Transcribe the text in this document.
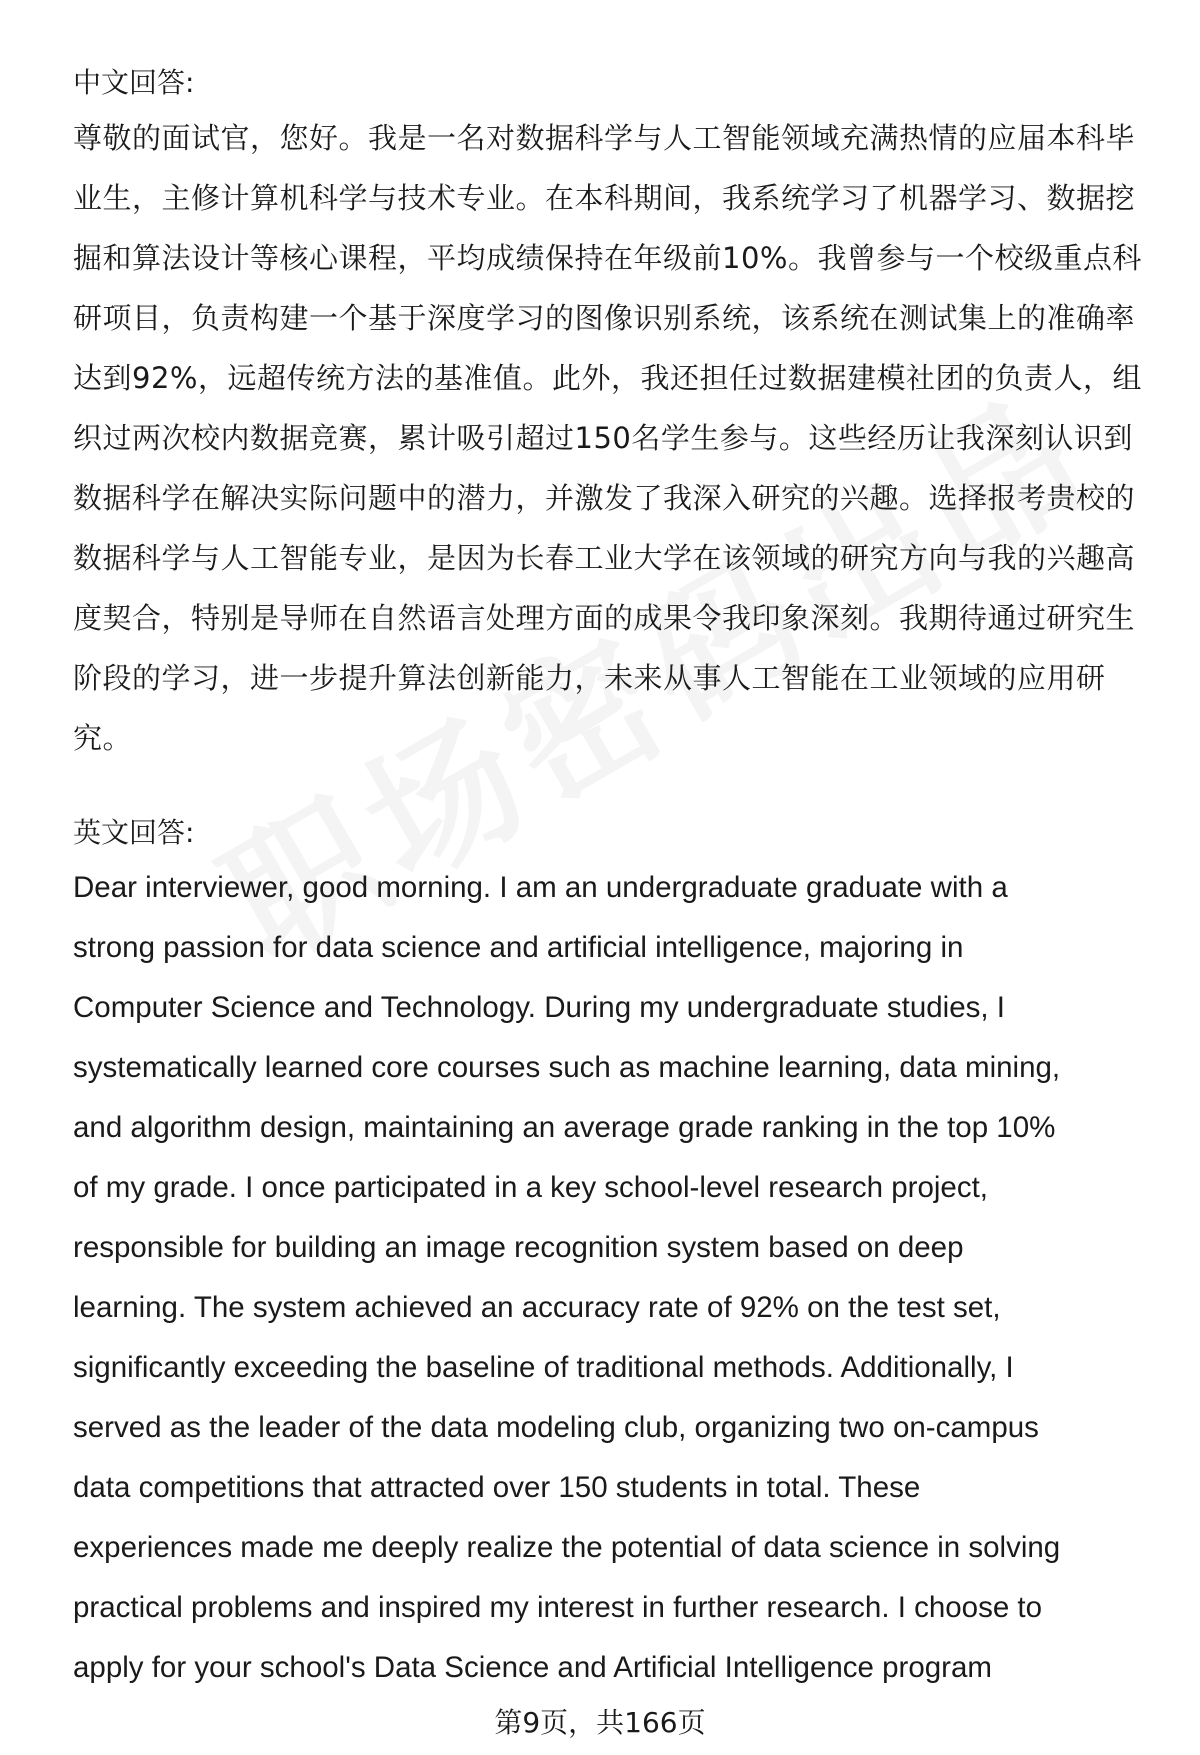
中文回答:
尊敬的面试官，您好。我是一名对数据科学与人工智能领域充满热情的应届本科毕
业生，主修计算机科学与技术专业。在本科期间，我系统学习了机器学习、数据挖
掘和算法设计等核心课程，平均成绩保持在年级前10%。我曾参与一个校级重点科
研项目，负责构建一个基于深度学习的图像识别系统，该系统在测试集上的准确率
达到92%，远超传统方法的基准值。此外，我还担任过数据建模社团的负责人，组
织过两次校内数据竞赛，累计吸引超过150名学生参与。这些经历让我深刻认识到
数据科学在解决实际问题中的潜力，并激发了我深入研究的兴趣。选择报考贵校的
数据科学与人工智能专业，是因为长春工业大学在该领域的研究方向与我的兴趣高
度契合，特别是导师在自然语言处理方面的成果令我印象深刻。我期待通过研究生
阶段的学习，进一步提升算法创新能力，未来从事人工智能在工业领域的应用研
究。
英文回答:
Dear interviewer, good morning. I am an undergraduate graduate with a
strong passion for data science and artificial intelligence, majoring in
Computer Science and Technology. During my undergraduate studies, I
systematically learned core courses such as machine learning, data mining,
and algorithm design, maintaining an average grade ranking in the top 10%
of my grade. I once participated in a key school-level research project,
responsible for building an image recognition system based on deep
learning. The system achieved an accuracy rate of 92% on the test set,
significantly exceeding the baseline of traditional methods. Additionally, I
served as the leader of the data modeling club, organizing two on-campus
data competitions that attracted over 150 students in total. These
experiences made me deeply realize the potential of data science in solving
practical problems and inspired my interest in further research. I choose to
apply for your school's Data Science and Artificial Intelligence program
第9页，共166页
